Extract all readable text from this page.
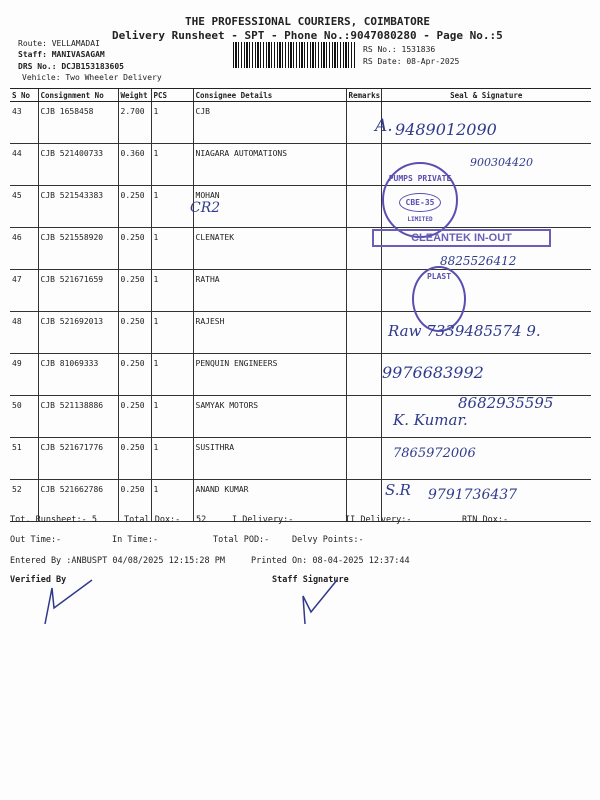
THE PROFESSIONAL COURIERS, COIMBATORE
Delivery Runsheet - SPT - Phone No.:9047080280 - Page No.:5
Route: VELLAMADAI
Staff: MANIVASAGAM
DRS No.: DCJB153183605
Vehicle: Two Wheeler Delivery
RS No.: 1531836
RS Date: 08-Apr-2025
S No	Consignment No	Weight	PCS	Consignee Details	Remarks	Seal & Signature
43	CJB 1658458	2.700	1	CJB		
44	CJB 521400733	0.360	1	NIAGARA AUTOMATIONS		
45	CJB 521543383	0.250	1	MOHAN		
46	CJB 521558920	0.250	1	CLENATEK		
47	CJB 521671659	0.250	1	RATHA		
48	CJB 521692013	0.250	1	RAJESH		
49	CJB 81069333	0.250	1	PENQUIN ENGINEERS		
50	CJB 521138886	0.250	1	SAMYAK MOTORS		
51	CJB 521671776	0.250	1	SUSITHRA		
52	CJB 521662786	0.250	1	ANAND KUMAR		
A. 9489012090
900304420
PUMPS PRIVATE
CBE-35
LIMITED
CR2
CLEANTEK IN-OUT
8825526412
PLAST
Raw 7339485574 9.
9976683992
8682935595
K. Kumar.
7865972006
S.R 9791736437
Tot. Runsheet:- 5	Total Dox:- 52	I Delivery:-	II Delivery:-	RTN Dox:-
Out Time:-	In Time:-	Total POD:-	Delvy Points:-
Entered By :ANBUSPT 04/08/2025 12:15:28 PM	Printed On: 08-04-2025 12:37:44
Verified By	Staff Signature
